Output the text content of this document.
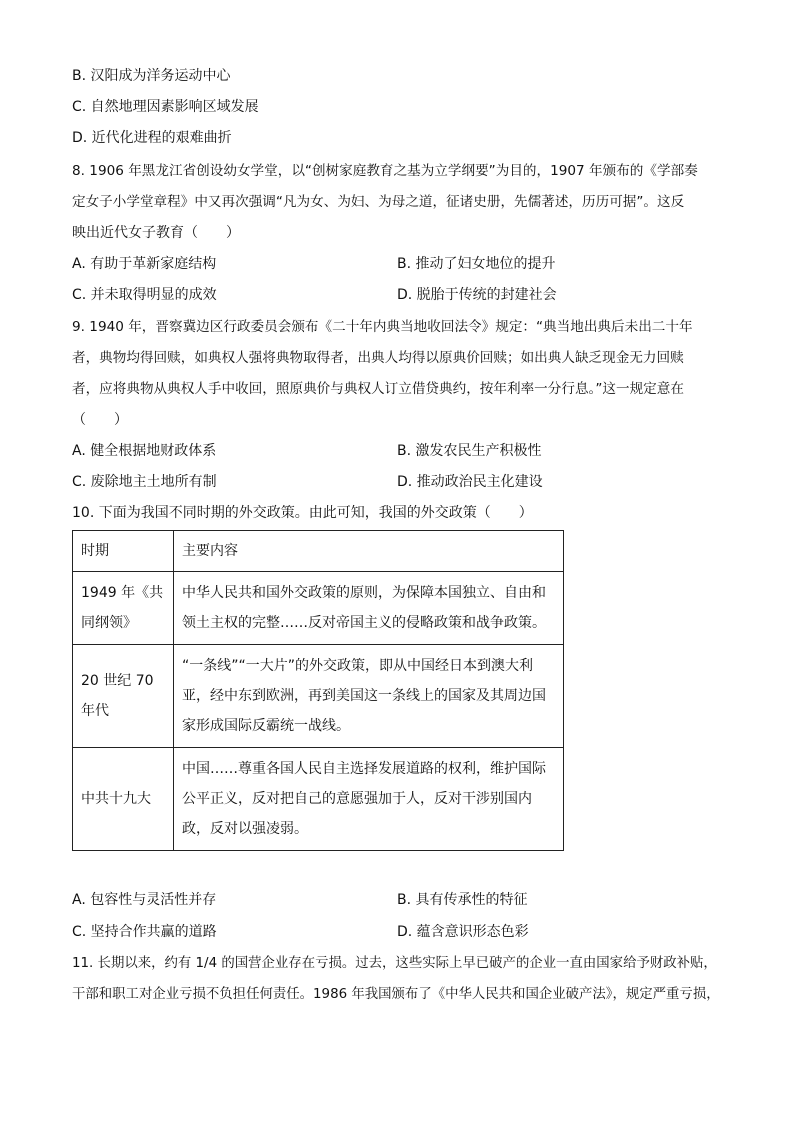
B. 汉阳成为洋务运动中心
C. 自然地理因素影响区域发展
D. 近代化进程的艰难曲折
8. 1906 年黑龙江省创设幼女学堂，以“创树家庭教育之基为立学纲要”为目的，1907 年颁布的《学部奏
定女子小学堂章程》中又再次强调“凡为女、为妇、为母之道，征诸史册，先儒著述，历历可据”。这反
映出近代女子教育（　　）
A. 有助于革新家庭结构	B. 推动了妇女地位的提升
C. 并未取得明显的成效	D. 脱胎于传统的封建社会
9. 1940 年，晋察冀边区行政委员会颁布《二十年内典当地收回法令》规定：“典当地出典后未出二十年
者，典物均得回赎，如典权人强将典物取得者，出典人均得以原典价回赎；如出典人缺乏现金无力回赎
者，应将典物从典权人手中收回，照原典价与典权人订立借贷典约，按年利率一分行息。”这一规定意在
（　　）
A. 健全根据地财政体系	B. 激发农民生产积极性
C. 废除地主土地所有制	D. 推动政治民主化建设
10. 下面为我国不同时期的外交政策。由此可知，我国的外交政策（　　）
时期	主要内容
1949 年《共同纲领》	中华人民共和国外交政策的原则，为保障本国独立、自由和领土主权的完整……反对帝国主义的侵略政策和战争政策。
20 世纪 70 年代	“一条线”“一大片”的外交政策，即从中国经日本到澳大利亚，经中东到欧洲，再到美国这一条线上的国家及其周边国家形成国际反霸统一战线。
中共十九大	中国……尊重各国人民自主选择发展道路的权利，维护国际公平正义，反对把自己的意愿强加于人，反对干涉别国内政，反对以强凌弱。
A. 包容性与灵活性并存	B. 具有传承性的特征
C. 坚持合作共赢的道路	D. 蕴含意识形态色彩
11. 长期以来，约有 1/4 的国营企业存在亏损。过去，这些实际上早已破产的企业一直由国家给予财政补贴，
干部和职工对企业亏损不负担任何责任。1986 年我国颁布了《中华人民共和国企业破产法》，规定严重亏损，
